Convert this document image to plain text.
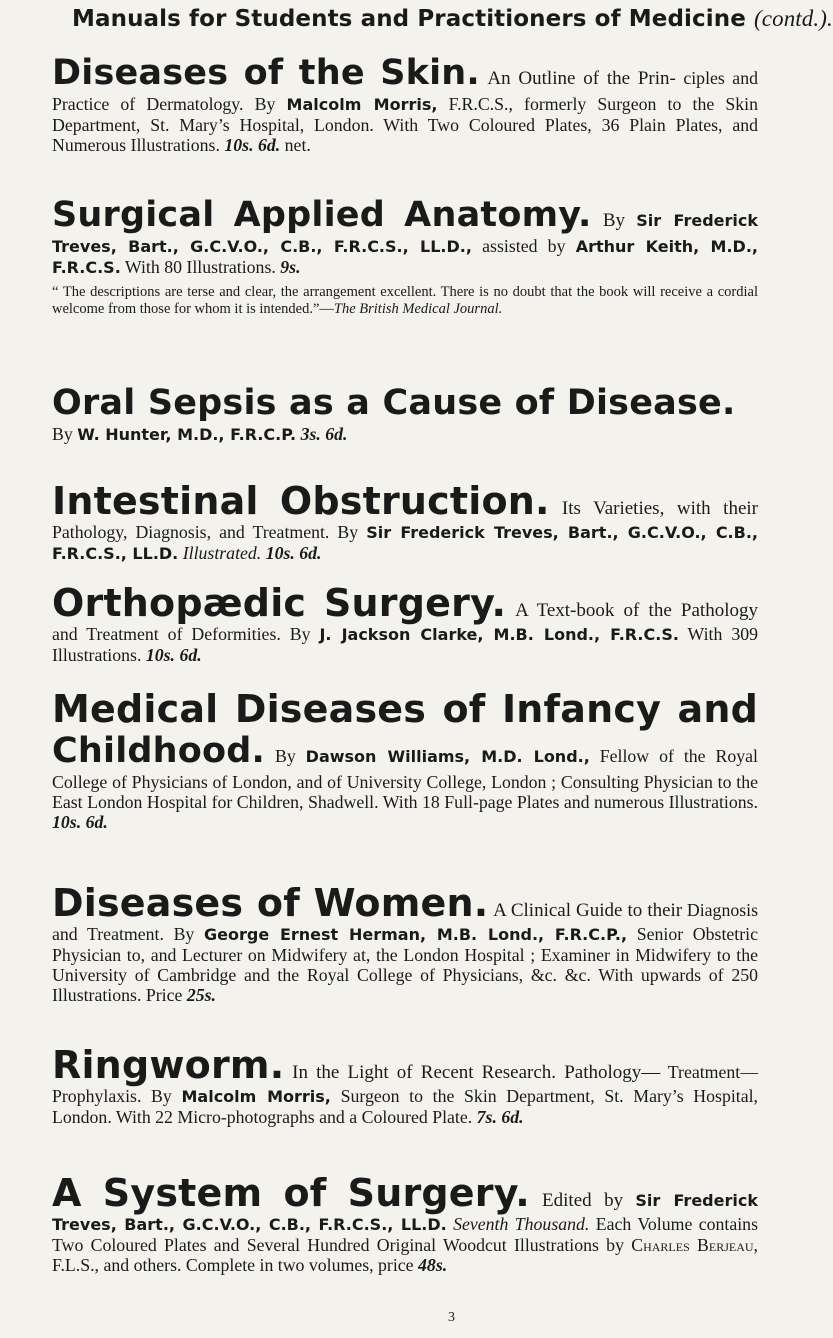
Manuals for Students and Practitioners of Medicine (contd.).

Diseases of the Skin. An Outline of the Prin- ciples and Practice of Dermatology. By Malcolm Morris, F.R.C.S., formerly Surgeon to the Skin Department, St. Mary’s Hospital, London. With Two Coloured Plates, 36 Plain Plates, and Numerous Illustrations. 10s. 6d. net.

Surgical Applied Anatomy. By Sir Frederick Treves, Bart., G.C.V.O., C.B., F.R.C.S., LL.D., assisted by Arthur Keith, M.D., F.R.C.S. With 80 Illustrations. 9s.

“ The descriptions are terse and clear, the arrangement excellent. There is no doubt that the book will receive a cordial welcome from those for whom it is intended.”—The British Medical Journal.

Oral Sepsis as a Cause of Disease.
By W. Hunter, M.D., F.R.C.P. 3s. 6d.

Intestinal Obstruction. Its Varieties, with their Pathology, Diagnosis, and Treatment. By Sir Frederick Treves, Bart., G.C.V.O., C.B., F.R.C.S., LL.D. Illustrated. 10s. 6d.

Orthopædic Surgery. A Text-book of the Pathology and Treatment of Deformities. By J. Jackson Clarke, M.B. Lond., F.R.C.S. With 309 Illustrations. 10s. 6d.

Medical Diseases of Infancy and

Childhood. By Dawson Williams, M.D. Lond., Fellow of the Royal College of Physicians of London, and of University College, London ; Consulting Physician to the East London Hospital for Children, Shadwell. With 18 Full-page Plates and numerous Illustrations. 10s. 6d.

Diseases of Women. A Clinical Guide to their Diagnosis and Treatment. By George Ernest Herman, M.B. Lond., F.R.C.P., Senior Obstetric Physician to, and Lecturer on Midwifery at, the London Hospital ; Examiner in Midwifery to the University of Cambridge and the Royal College of Physicians, &c. &c. With upwards of 250 Illustrations. Price 25s.

Ringworm. In the Light of Recent Research. Pathology— Treatment—Prophylaxis. By Malcolm Morris, Surgeon to the Skin Department, St. Mary’s Hospital, London. With 22 Micro-photographs and a Coloured Plate. 7s. 6d.

A System of Surgery. Edited by Sir Frederick Treves, Bart., G.C.V.O., C.B., F.R.C.S., LL.D. Seventh Thousand. Each Volume contains Two Coloured Plates and Several Hundred Original Woodcut Illustrations by Charles Berjeau, F.L.S., and others. Complete in two volumes, price 48s.

3
